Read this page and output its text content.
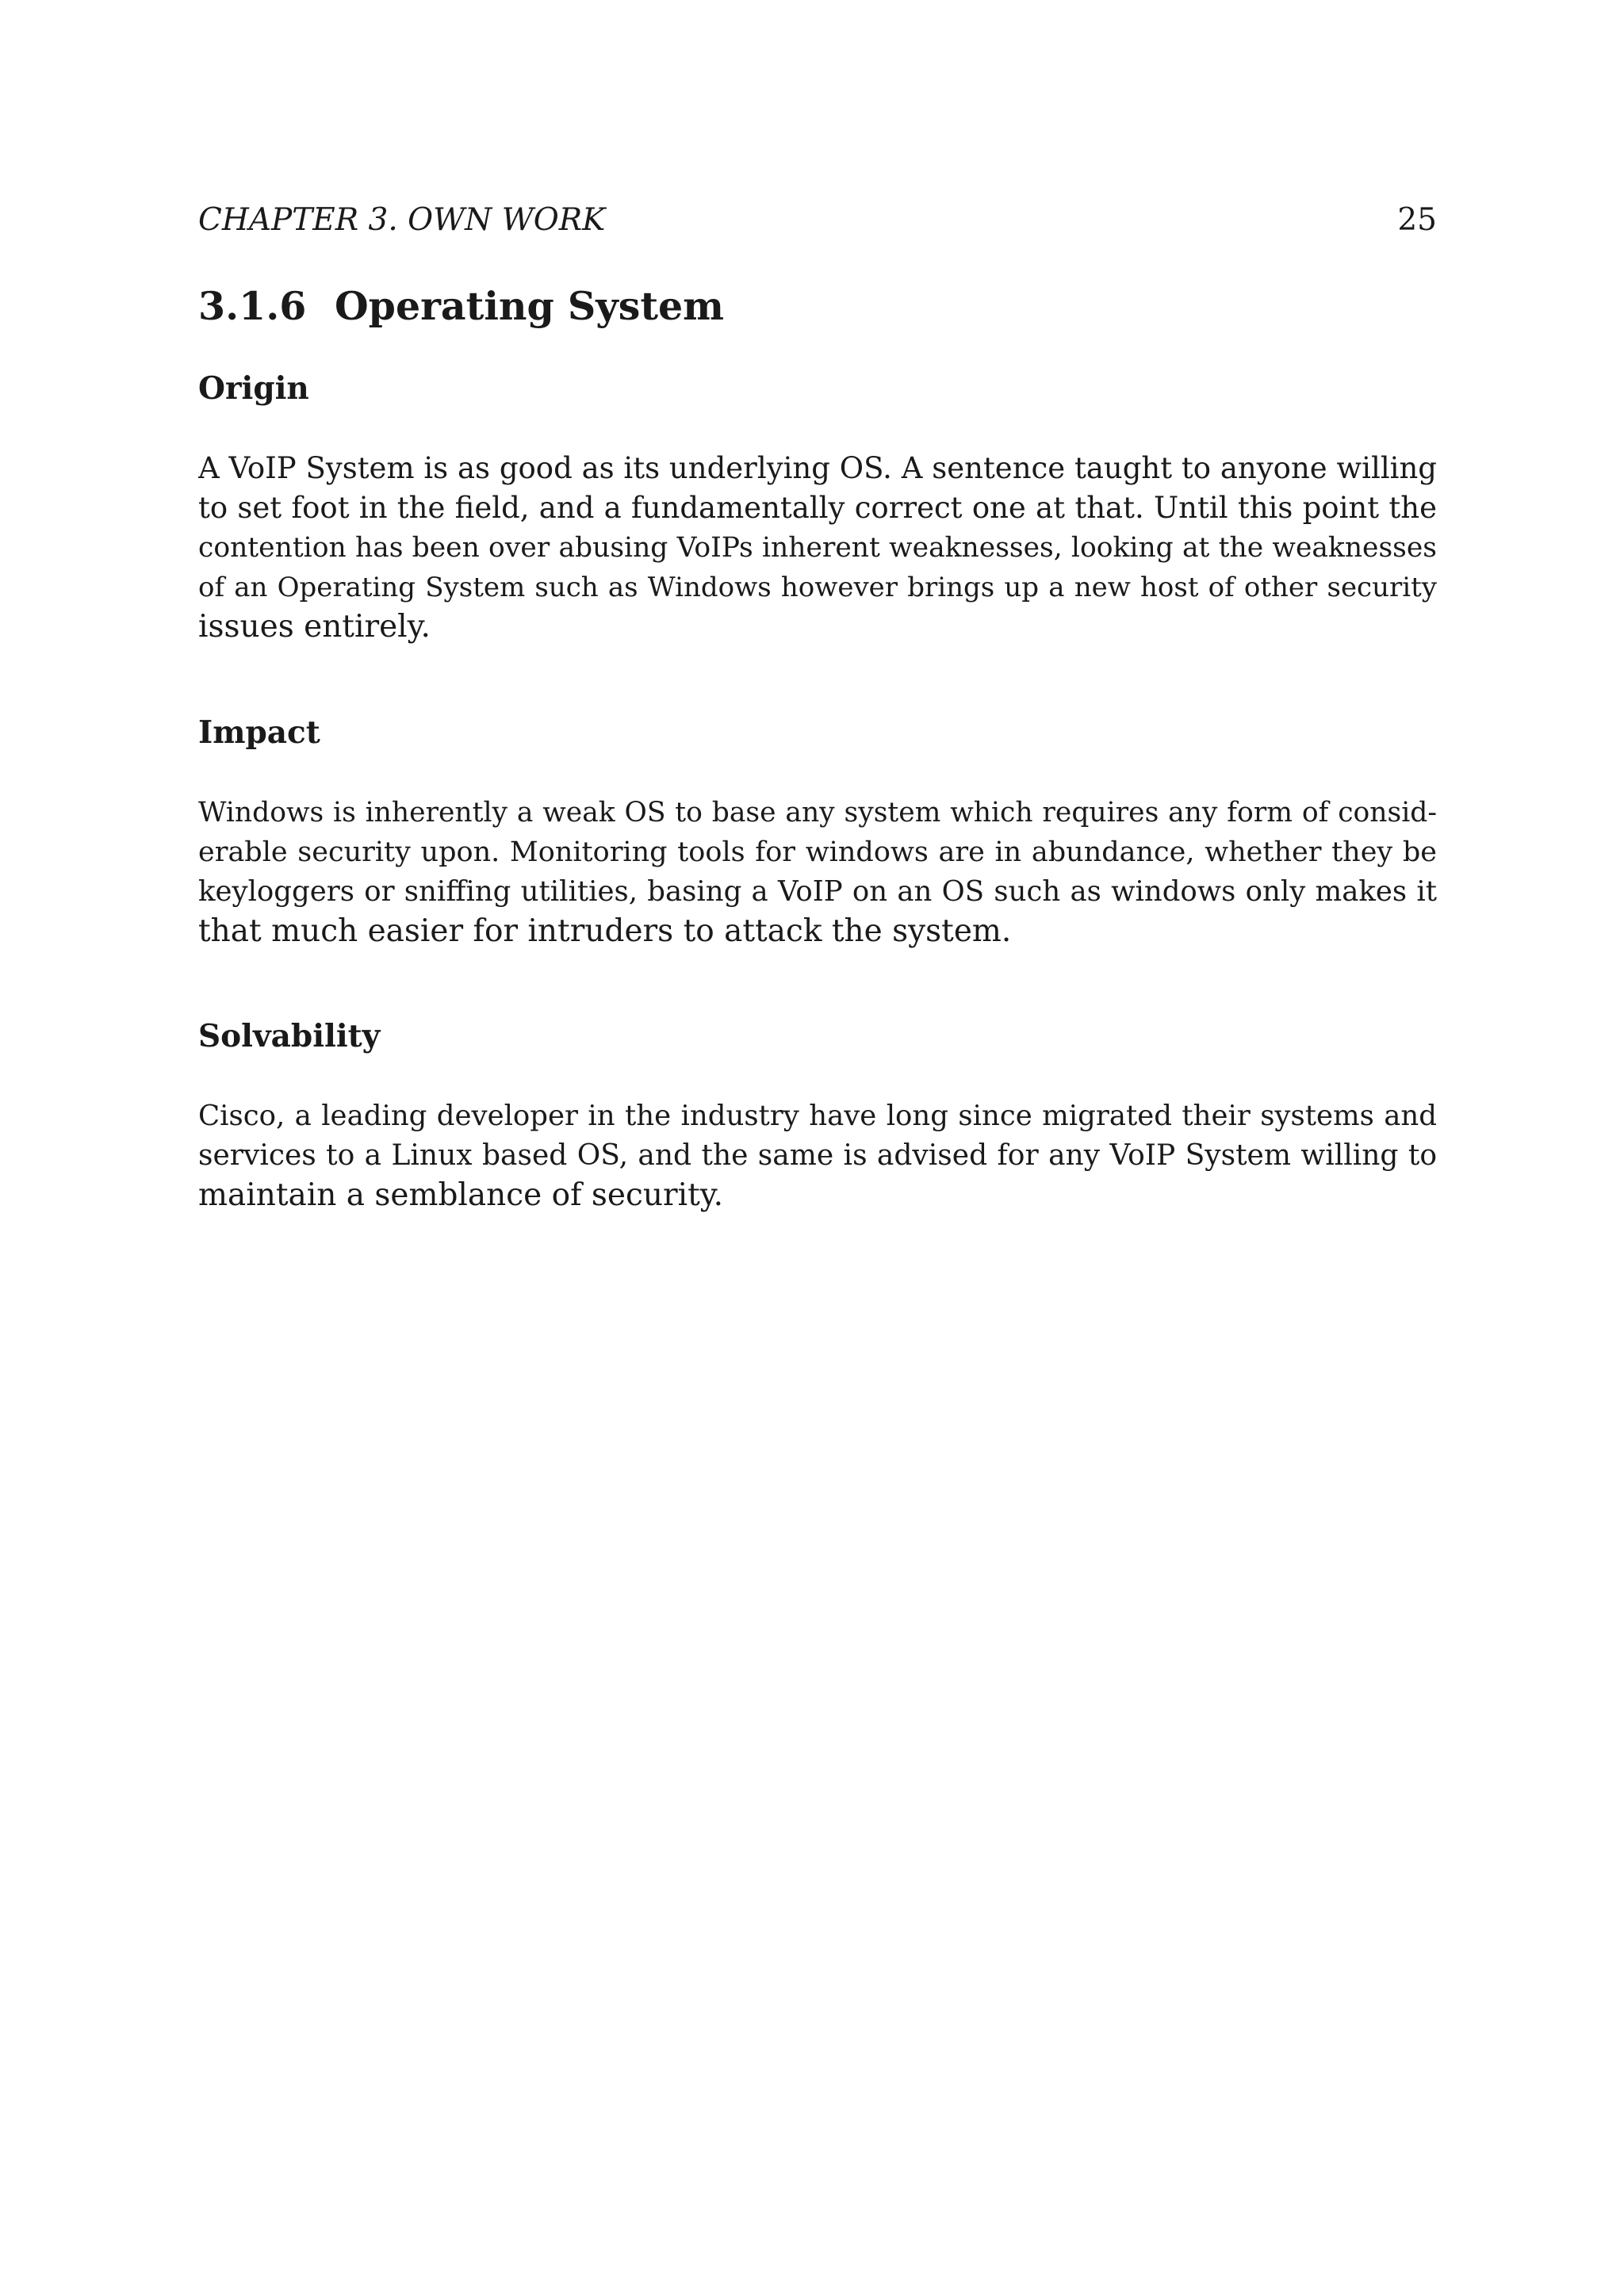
CHAPTER 3. OWN WORK	25
3.1.6 Operating System
Origin

A VoIP System is as good as its underlying OS. A sentence taught to anyone willing
to set foot in the field, and a fundamentally correct one at that. Until this point the
contention has been over abusing VoIPs inherent weaknesses, looking at the weaknesses
of an Operating System such as Windows however brings up a new host of other security
issues entirely.

Impact

Windows is inherently a weak OS to base any system which requires any form of consid-
erable security upon. Monitoring tools for windows are in abundance, whether they be
keyloggers or sniffing utilities, basing a VoIP on an OS such as windows only makes it
that much easier for intruders to attack the system.

Solvability

Cisco, a leading developer in the industry have long since migrated their systems and
services to a Linux based OS, and the same is advised for any VoIP System willing to
maintain a semblance of security.
